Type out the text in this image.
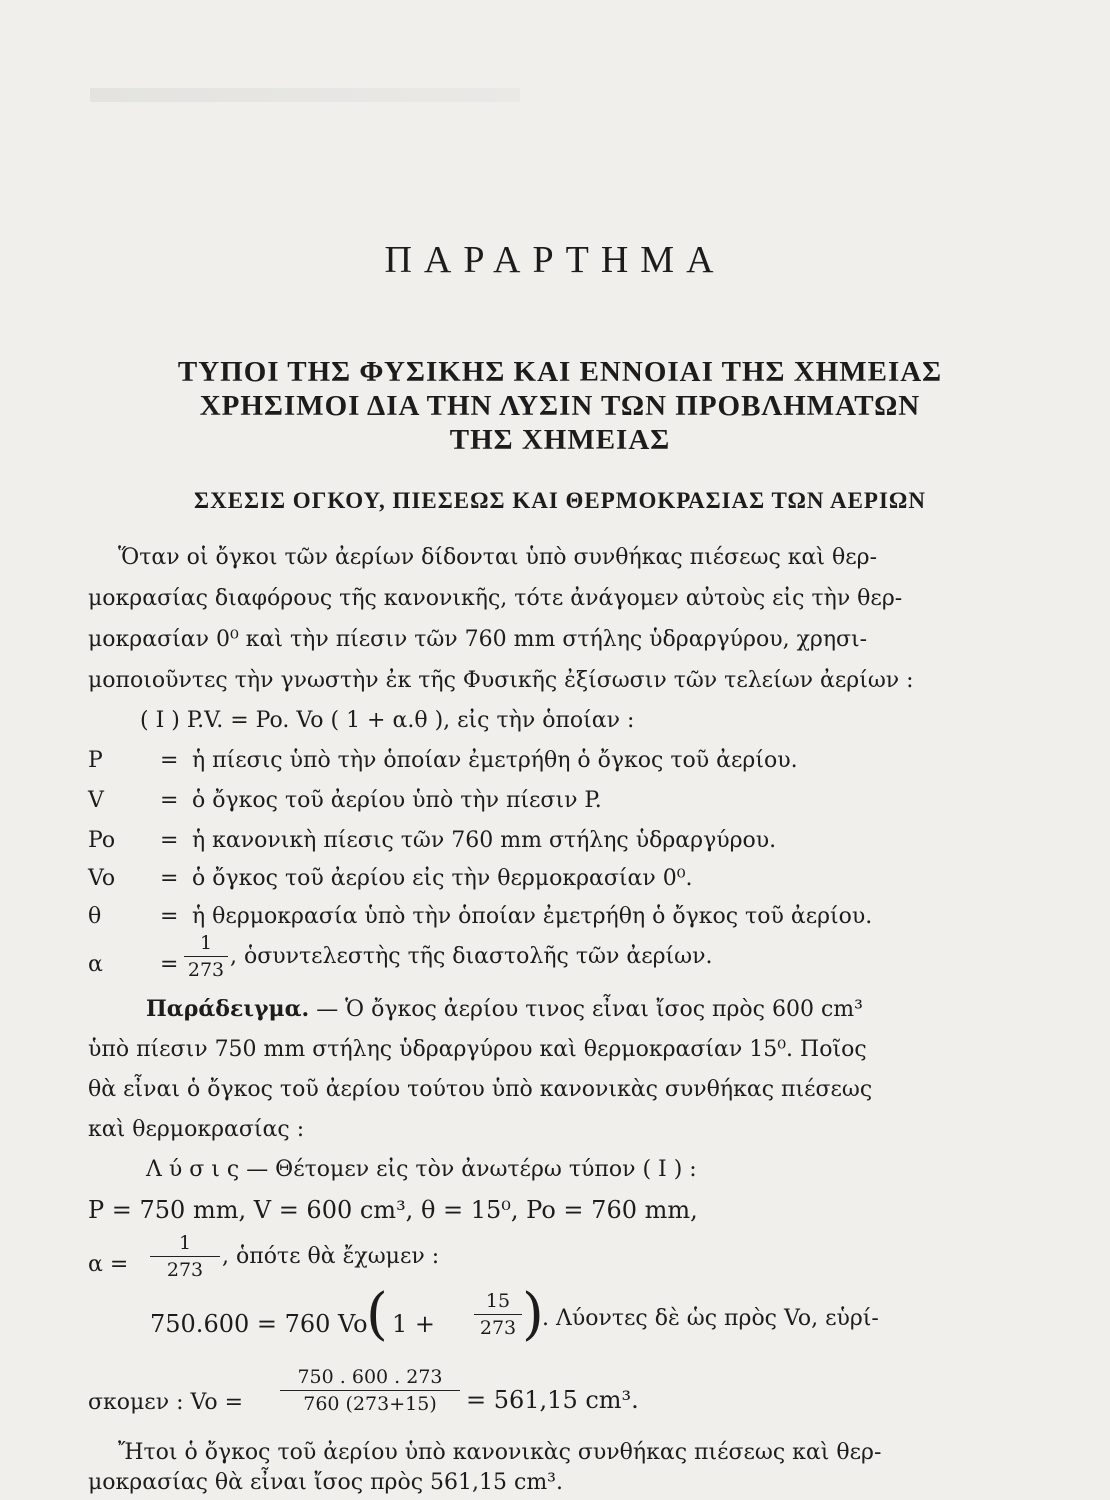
ΠΑΡΑΡΤΗΜΑ
ΤΥΠΟΙ ΤΗΣ ΦΥΣΙΚΗΣ ΚΑΙ ΕΝΝΟΙΑΙ ΤΗΣ ΧΗΜΕΙΑΣ
ΧΡΗΣΙΜΟΙ ΔΙΑ ΤΗΝ ΛΥΣΙΝ ΤΩΝ ΠΡΟΒΛΗΜΑΤΩΝ
ΤΗΣ ΧΗΜΕΙΑΣ
ΣΧΕΣΙΣ ΟΓΚΟΥ, ΠΙΕΣΕΩΣ ΚΑΙ ΘΕΡΜΟΚΡΑΣΙΑΣ ΤΩΝ ΑΕΡΙΩΝ
Ὅταν οἱ ὄγκοι τῶν ἀερίων δίδονται ὑπὸ συνθήκας πιέσεως καὶ θερ-
μοκρασίας διαφόρους τῆς κανονικῆς, τότε ἀνάγομεν αὐτοὺς εἰς τὴν θερ-
μοκρασίαν 0⁰ καὶ τὴν πίεσιν τῶν 760 mm στήλης ὑδραργύρου, χρησι-
μοποιοῦντες τὴν γνωστὴν ἐκ τῆς Φυσικῆς ἐξίσωσιν τῶν τελείων ἀερίων :
( I ) P.V. = Po. Vo ( 1 + α.θ ), εἰς τὴν ὁποίαν :
P	= ἡ πίεσις ὑπὸ τὴν ὁποίαν ἐμετρήθη ὁ ὄγκος τοῦ ἀερίου.
V	= ὁ ὄγκος τοῦ ἀερίου ὑπὸ τὴν πίεσιν P.
Po = ἡ κανονικὴ πίεσις τῶν 760 mm στήλης ὑδραργύρου.
Vo = ὁ ὄγκος τοῦ ἀερίου εἰς τὴν θερμοκρασίαν 0⁰.
θ	= ἡ θερμοκρασία ὑπὸ τὴν ὁποίαν ἐμετρήθη ὁ ὄγκος τοῦ ἀερίου.
α	=
1
273
, ὁσυντελεστὴς τῆς διαστολῆς τῶν ἀερίων.
Παράδειγμα. — Ὁ ὄγκος ἀερίου τινος εἶναι ἴσος πρὸς 600 cm³
ὑπὸ πίεσιν 750 mm στήλης ὑδραργύρου καὶ θερμοκρασίαν 15⁰. Ποῖος
θὰ εἶναι ὁ ὄγκος τοῦ ἀερίου τούτου ὑπὸ κανονικὰς συνθήκας πιέσεως
καὶ θερμοκρασίας :
Λ ύ σ ι ς — Θέτομεν εἰς τὸν ἀνωτέρω τύπον ( I ) :
P = 750 mm, V = 600 cm³, θ = 15⁰, Po = 760 mm,
α =
1
273
, ὁπότε θὰ ἔχωμεν :
750.600 = 760 Vo
( 1 +
15
273 )
. Λύοντες δὲ ὡς πρὸς Vo, εὑρί-
σκομεν : Vo =
750 . 600 . 273
760 (273+15)	= 561,15 cm³.
Ἤτοι ὁ ὄγκος τοῦ ἀερίου ὑπὸ κανονικὰς συνθήκας πιέσεως καὶ θερ-
μοκρασίας θὰ εἶναι ἴσος πρὸς 561,15 cm³.
